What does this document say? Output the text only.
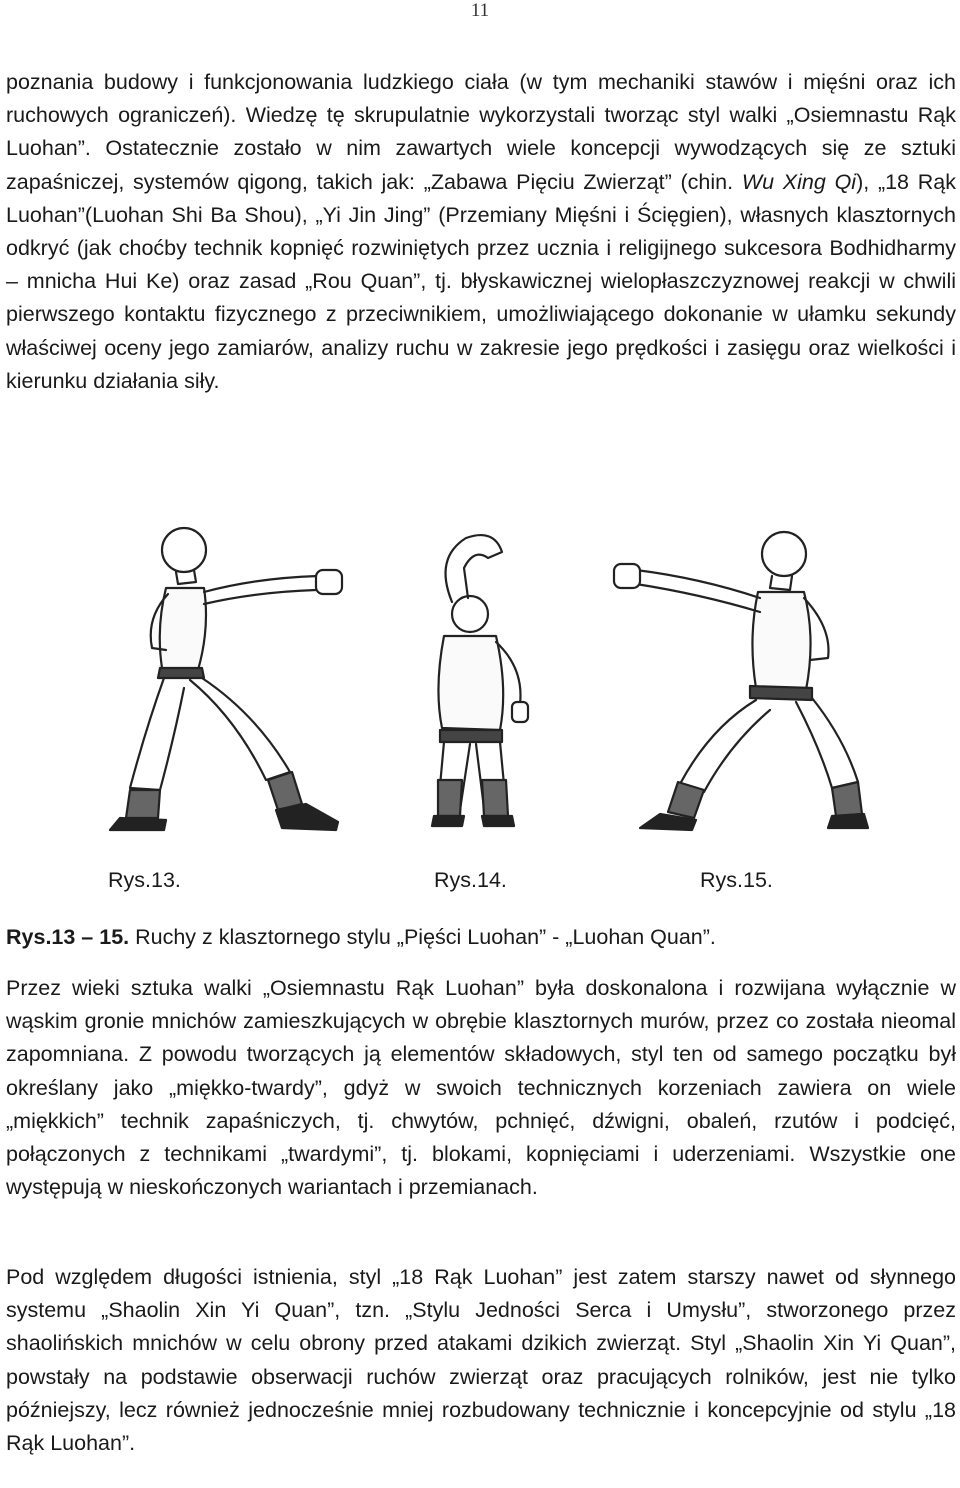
11

poznania budowy i funkcjonowania ludzkiego ciała (w tym mechaniki stawów i mięśni oraz ich ruchowych ograniczeń). Wiedzę tę skrupulatnie wykorzystali tworząc styl walki „Osiemnastu Rąk Luohan”. Ostatecznie zostało w nim zawartych wiele koncepcji wywodzących się ze sztuki zapaśniczej, systemów qigong, takich jak: „Zabawa Pięciu Zwierząt” (chin. Wu Xing Qi), „18 Rąk Luohan”(Luohan Shi Ba Shou), „Yi Jin Jing” (Przemiany Mięśni i Ścięgien), własnych klasztornych odkryć (jak choćby technik kopnięć rozwiniętych przez ucznia i religijnego sukcesora Bodhidharmy – mnicha Hui Ke) oraz zasad „Rou Quan”, tj. błyskawicznej wielopłaszczyznowej reakcji w chwili pierwszego kontaktu fizycznego z przeciwnikiem, umożliwiającego dokonanie w ułamku sekundy właściwej oceny jego zamiarów, analizy ruchu w zakresie jego prędkości i zasięgu oraz wielkości i kierunku działania siły.

Rys.13.	Rys.14.	Rys.15.
Rys.13 – 15. Ruchy z klasztornego stylu „Pięści Luohan” - „Luohan Quan”.

Przez wieki sztuka walki „Osiemnastu Rąk Luohan” była doskonalona i rozwijana wyłącznie w wąskim gronie mnichów zamieszkujących w obrębie klasztornych murów, przez co została nieomal zapomniana. Z powodu tworzących ją elementów składowych, styl ten od samego początku był określany jako „miękko-twardy”, gdyż w swoich technicznych korzeniach zawiera on wiele „miękkich” technik zapaśniczych, tj. chwytów, pchnięć, dźwigni, obaleń, rzutów i podcięć, połączonych z technikami „twardymi”, tj. blokami, kopnięciami i uderzeniami. Wszystkie one występują w nieskończonych wariantach i przemianach.

Pod względem długości istnienia, styl „18 Rąk Luohan” jest zatem starszy nawet od słynnego systemu „Shaolin Xin Yi Quan”, tzn. „Stylu Jedności Serca i Umysłu”, stworzonego przez shaolińskich mnichów w celu obrony przed atakami dzikich zwierząt. Styl „Shaolin Xin Yi Quan”, powstały na podstawie obserwacji ruchów zwierząt oraz pracujących rolników, jest nie tylko późniejszy, lecz również jednocześnie mniej rozbudowany technicznie i koncepcyjnie od stylu „18 Rąk Luohan”.
